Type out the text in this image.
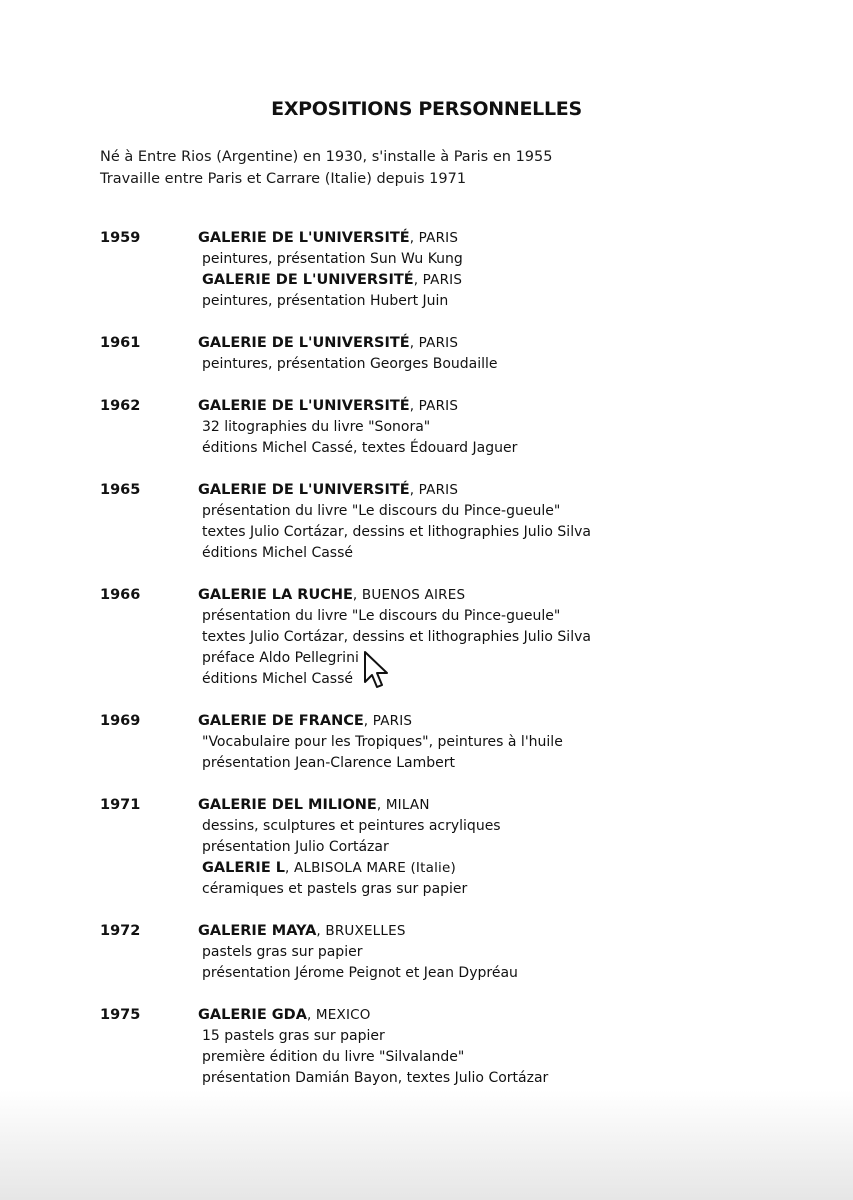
EXPOSITIONS PERSONNELLES
Né à Entre Rios (Argentine) en 1930, s'installe à Paris en 1955
Travaille entre Paris et Carrare (Italie) depuis 1971
1959	GALERIE DE L'UNIVERSITÉ, PARIS
peintures, présentation Sun Wu Kung
GALERIE DE L'UNIVERSITÉ, PARIS
peintures, présentation Hubert Juin
1961	GALERIE DE L'UNIVERSITÉ, PARIS
peintures, présentation Georges Boudaille
1962	GALERIE DE L'UNIVERSITÉ, PARIS
32 litographies du livre "Sonora"
éditions Michel Cassé, textes Édouard Jaguer
1965	GALERIE DE L'UNIVERSITÉ, PARIS
présentation du livre "Le discours du Pince-gueule"
textes Julio Cortázar, dessins et lithographies Julio Silva
éditions Michel Cassé
1966	GALERIE LA RUCHE, BUENOS AIRES
présentation du livre "Le discours du Pince-gueule"
textes Julio Cortázar, dessins et lithographies Julio Silva
préface Aldo Pellegrini
éditions Michel Cassé
1969	GALERIE DE FRANCE, PARIS
"Vocabulaire pour les Tropiques", peintures à l'huile
présentation Jean-Clarence Lambert
1971	GALERIE DEL MILIONE, MILAN
dessins, sculptures et peintures acryliques
présentation Julio Cortázar
GALERIE L, ALBISOLA MARE (Italie)
céramiques et pastels gras sur papier
1972	GALERIE MAYA, BRUXELLES
pastels gras sur papier
présentation Jérome Peignot et Jean Dypréau
1975	GALERIE GDA, MEXICO
15 pastels gras sur papier
première édition du livre "Silvalande"
présentation Damián Bayon, textes Julio Cortázar
